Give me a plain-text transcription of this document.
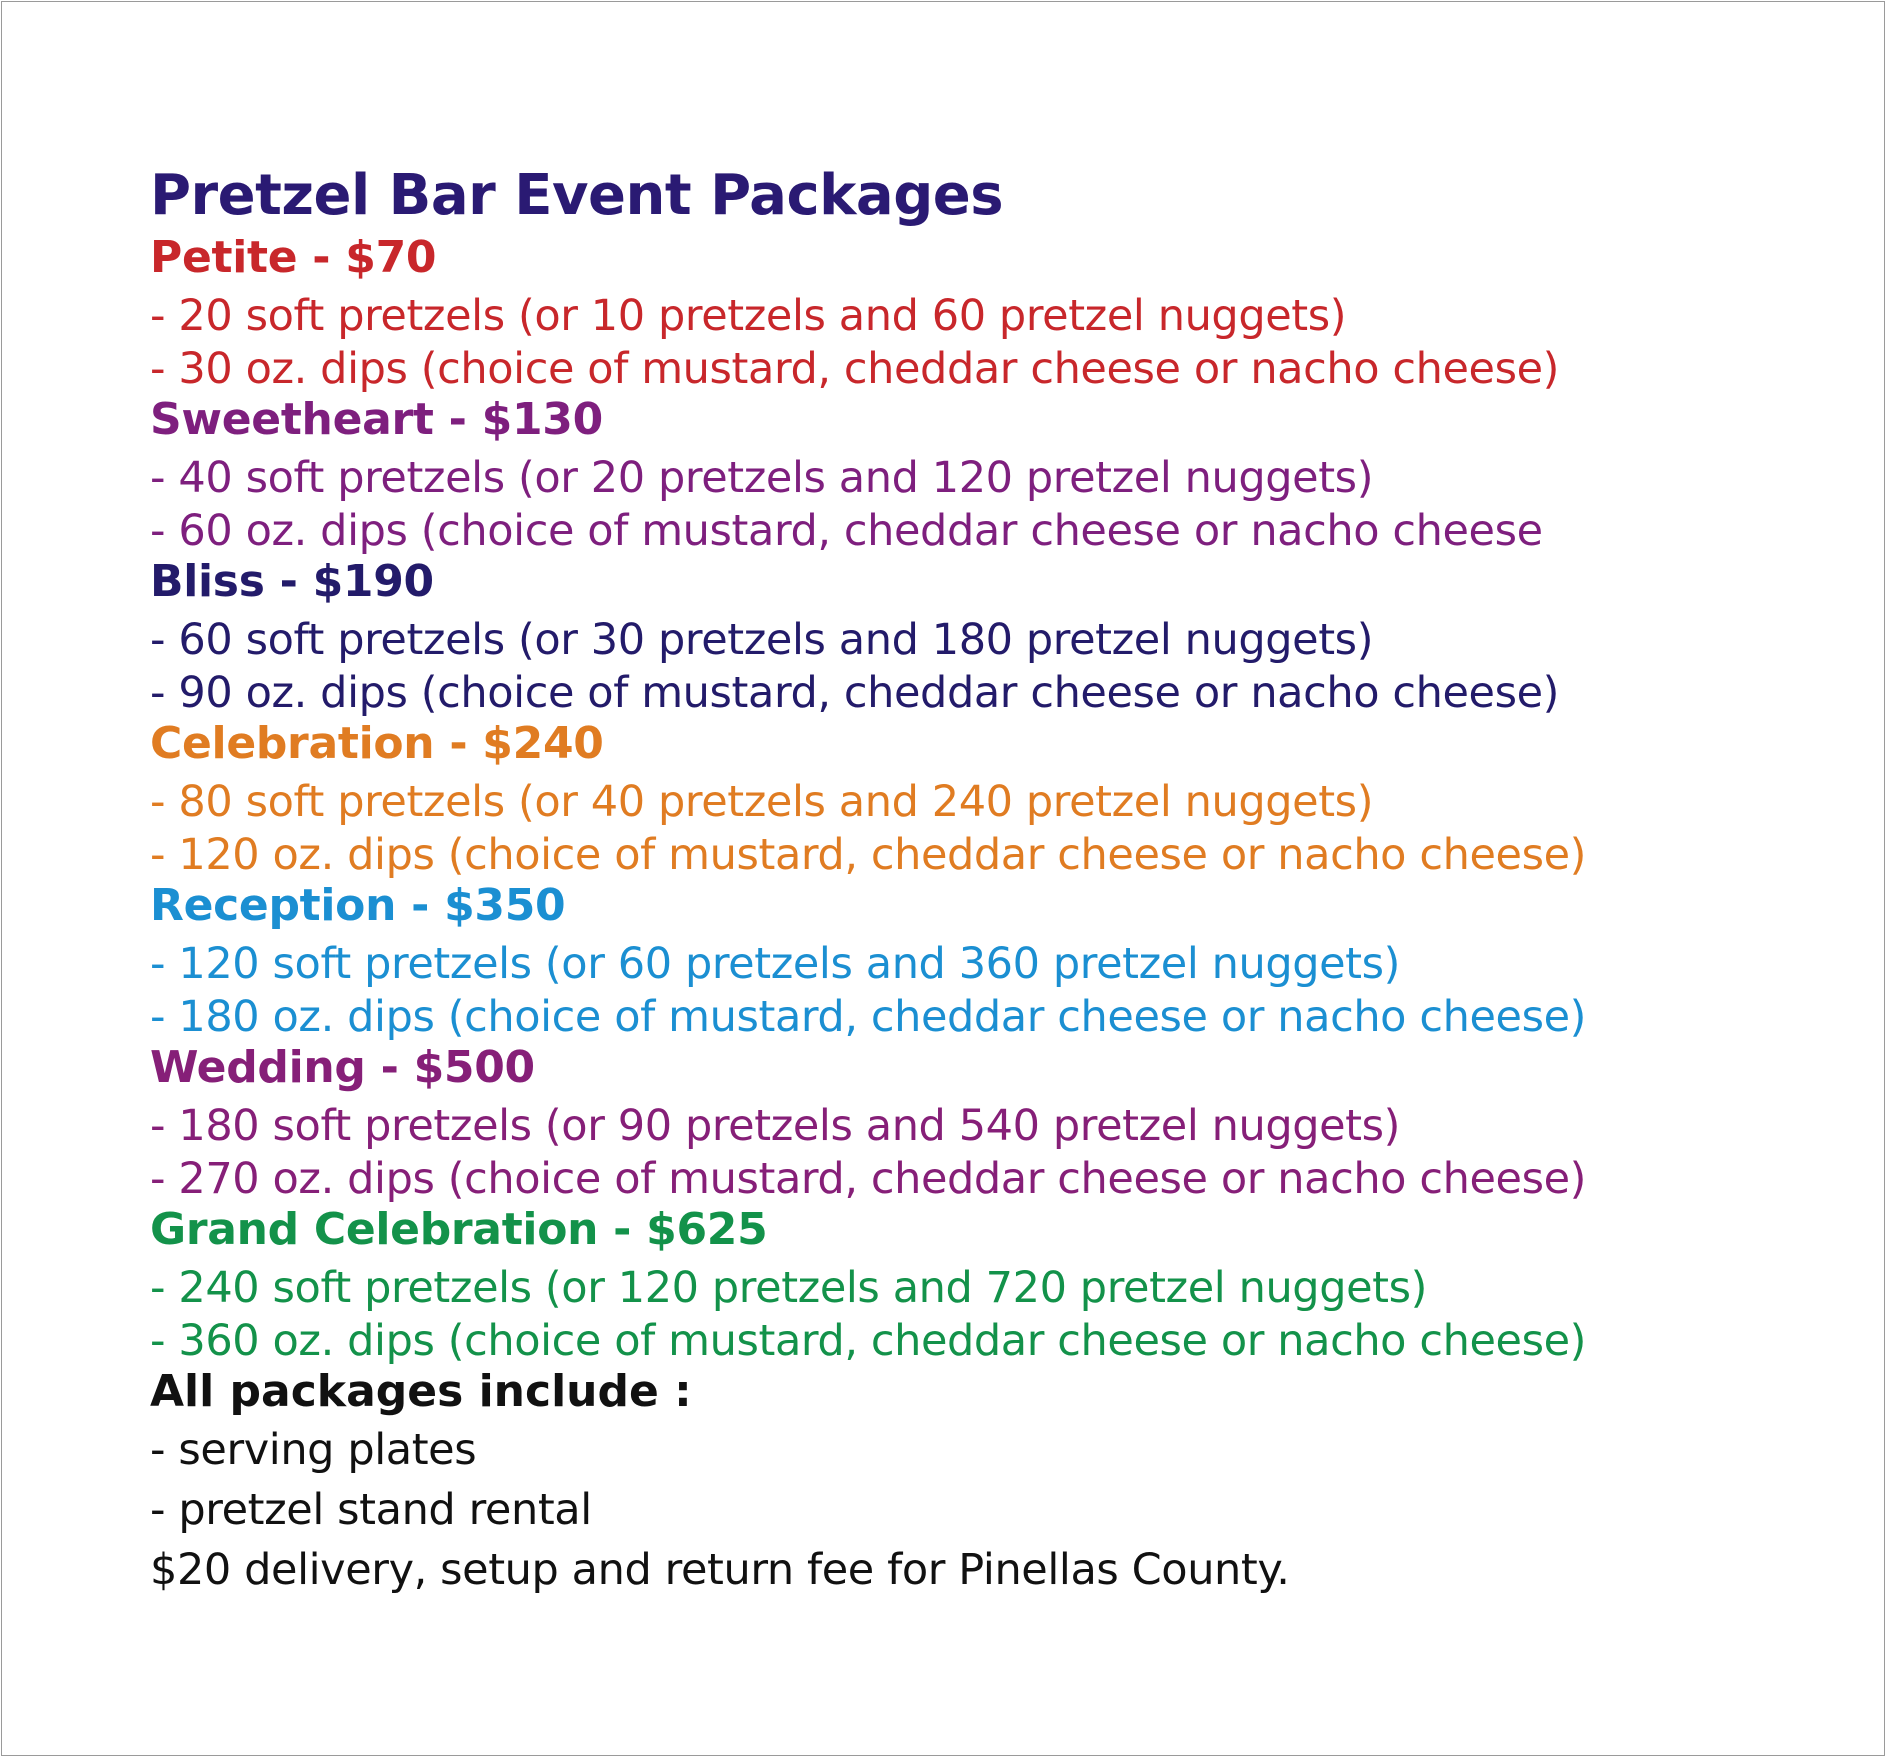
Pretzel Bar Event Packages
Petite - $70
- 20 soft pretzels (or 10 pretzels and 60 pretzel nuggets)
- 30 oz. dips (choice of mustard, cheddar cheese or nacho cheese)
Sweetheart - $130
- 40 soft pretzels (or 20 pretzels and 120 pretzel nuggets)
- 60 oz. dips (choice of mustard, cheddar cheese or nacho cheese
Bliss - $190
- 60 soft pretzels (or 30 pretzels and 180 pretzel nuggets)
- 90 oz. dips (choice of mustard, cheddar cheese or nacho cheese)
Celebration - $240
- 80 soft pretzels (or 40 pretzels and 240 pretzel nuggets)
- 120 oz. dips (choice of mustard, cheddar cheese or nacho cheese)
Reception - $350
- 120 soft pretzels (or 60 pretzels and 360 pretzel nuggets)
- 180 oz. dips (choice of mustard, cheddar cheese or nacho cheese)
Wedding - $500
- 180 soft pretzels (or 90 pretzels and 540 pretzel nuggets)
- 270 oz. dips (choice of mustard, cheddar cheese or nacho cheese)
Grand Celebration - $625
- 240 soft pretzels (or 120 pretzels and 720 pretzel nuggets)
- 360 oz. dips (choice of mustard, cheddar cheese or nacho cheese)
All packages include :
- serving plates
- pretzel stand rental
$20 delivery, setup and return fee for Pinellas County.
